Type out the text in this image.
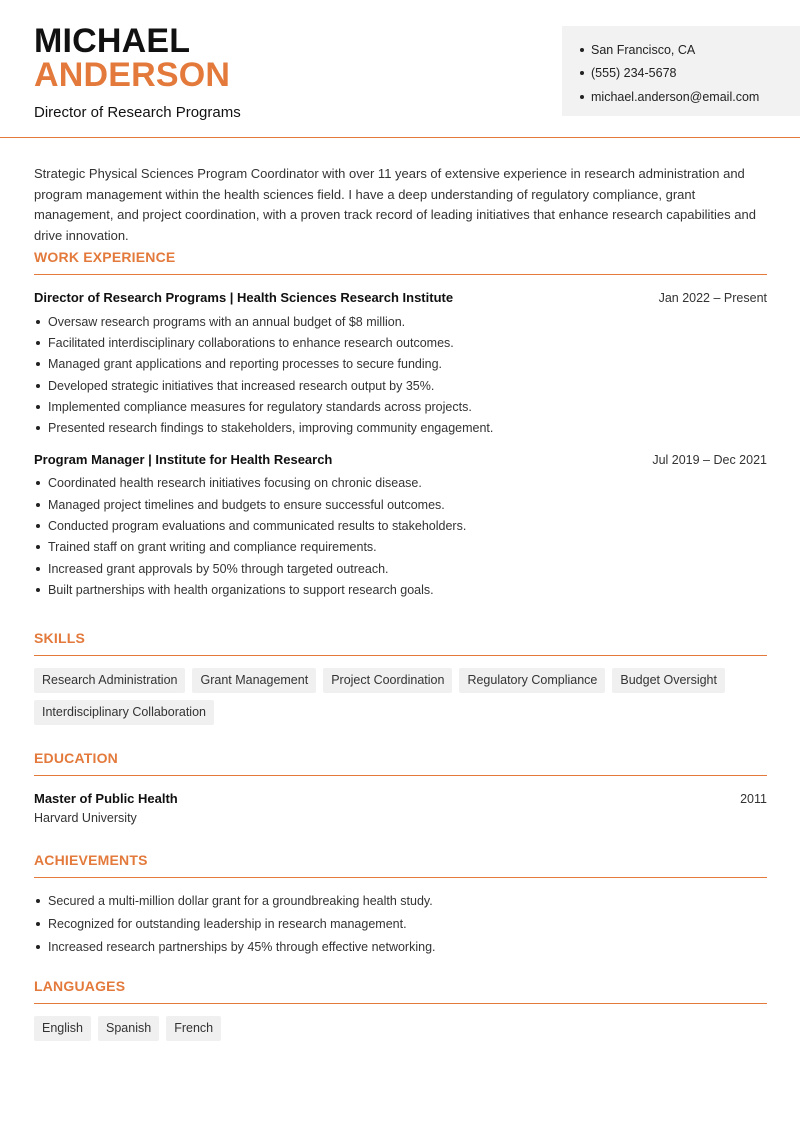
MICHAEL
ANDERSON
Director of Research Programs
San Francisco, CA
(555) 234-5678
michael.anderson@email.com

Strategic Physical Sciences Program Coordinator with over 11 years of extensive experience in research administration and program management within the health sciences field. I have a deep understanding of regulatory compliance, grant management, and project coordination, with a proven track record of leading initiatives that enhance research capabilities and drive innovation.

WORK EXPERIENCE
Director of Research Programs | Health Sciences Research Institute	Jan 2022 – Present
Oversaw research programs with an annual budget of $8 million.
Facilitated interdisciplinary collaborations to enhance research outcomes.
Managed grant applications and reporting processes to secure funding.
Developed strategic initiatives that increased research output by 35%.
Implemented compliance measures for regulatory standards across projects.
Presented research findings to stakeholders, improving community engagement.
Program Manager | Institute for Health Research	Jul 2019 – Dec 2021
Coordinated health research initiatives focusing on chronic disease.
Managed project timelines and budgets to ensure successful outcomes.
Conducted program evaluations and communicated results to stakeholders.
Trained staff on grant writing and compliance requirements.
Increased grant approvals by 50% through targeted outreach.
Built partnerships with health organizations to support research goals.
SKILLS
Research Administration	Grant Management	Project Coordination	Regulatory Compliance	Budget Oversight
Interdisciplinary Collaboration
EDUCATION
Master of Public Health	2011
Harvard University
ACHIEVEMENTS
Secured a multi-million dollar grant for a groundbreaking health study.
Recognized for outstanding leadership in research management.
Increased research partnerships by 45% through effective networking.
LANGUAGES
English	Spanish	French
